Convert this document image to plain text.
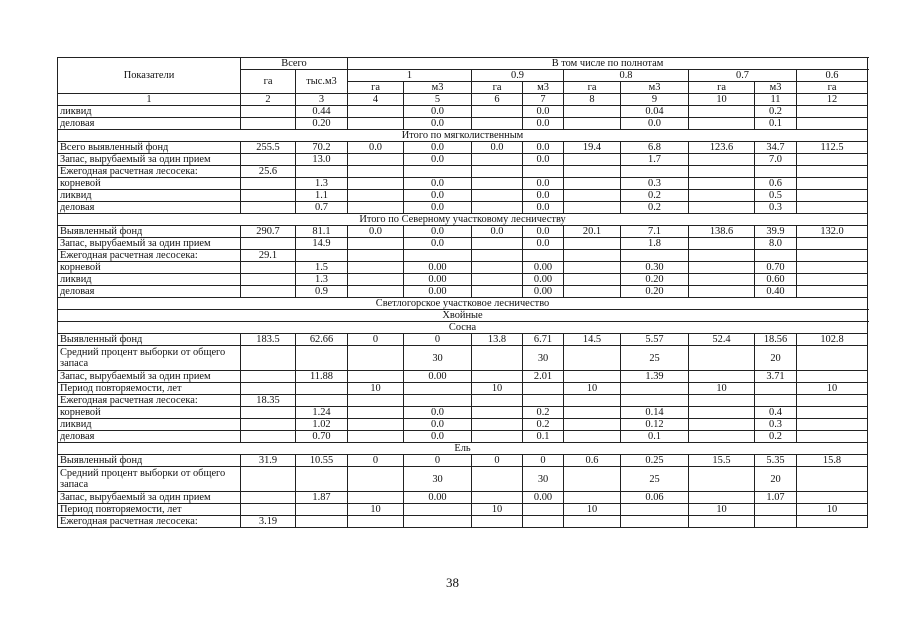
Показатели	Всего		В том числе по полнотам									
	га	тыс.м3	1		0.9		0.8		0.7		0.6	
			га	м3	га	м3	га	м3	га	м3	га	
1	2	3	4	5	6	7	8	9	10	11	12	
ликвид		0.44		0.0		0.0		0.04		0.2		
деловая		0.20		0.0		0.0		0.0		0.1		
Итого по мягколиственным												
Всего выявленный фонд	255.5	70.2	0.0	0.0	0.0	0.0	19.4	6.8	123.6	34.7	112.5	
Запас, вырубаемый за один прием		13.0		0.0		0.0		1.7		7.0		
Ежегодная расчетная лесосека:	25.6											
корневой		1.3		0.0		0.0		0.3		0.6		
ликвид		1.1		0.0		0.0		0.2		0.5		
деловая		0.7		0.0		0.0		0.2		0.3		
Итого по Северному участковому лесничеству												
Выявленный фонд	290.7	81.1	0.0	0.0	0.0	0.0	20.1	7.1	138.6	39.9	132.0	
Запас, вырубаемый за один прием		14.9		0.0		0.0		1.8		8.0		
Ежегодная расчетная лесосека:	29.1											
корневой		1.5		0.00		0.00		0.30		0.70		
ликвид		1.3		0.00		0.00		0.20		0.60		
деловая		0.9		0.00		0.00		0.20		0.40		
Светлогорское участковое лесничество												
Хвойные												
Сосна												
Выявленный фонд	183.5	62.66	0	0	13.8	6.71	14.5	5.57	52.4	18.56	102.8	
Средний процент выборки от общего запаса				30		30		25		20		
Запас, вырубаемый за один прием		11.88		0.00		2.01		1.39		3.71		
Период повторяемости, лет			10		10		10		10		10	
Ежегодная расчетная лесосека:	18.35											
корневой		1.24		0.0		0.2		0.14		0.4		
ликвид		1.02		0.0		0.2		0.12		0.3		
деловая		0.70		0.0		0.1		0.1		0.2		
Ель												
Выявленный фонд	31.9	10.55	0	0	0	0	0.6	0.25	15.5	5.35	15.8	
Средний процент выборки от общего запаса				30		30		25		20		
Запас, вырубаемый за один прием		1.87		0.00		0.00		0.06		1.07		
Период повторяемости, лет			10		10		10		10		10	
Ежегодная расчетная лесосека:	3.19											
38
